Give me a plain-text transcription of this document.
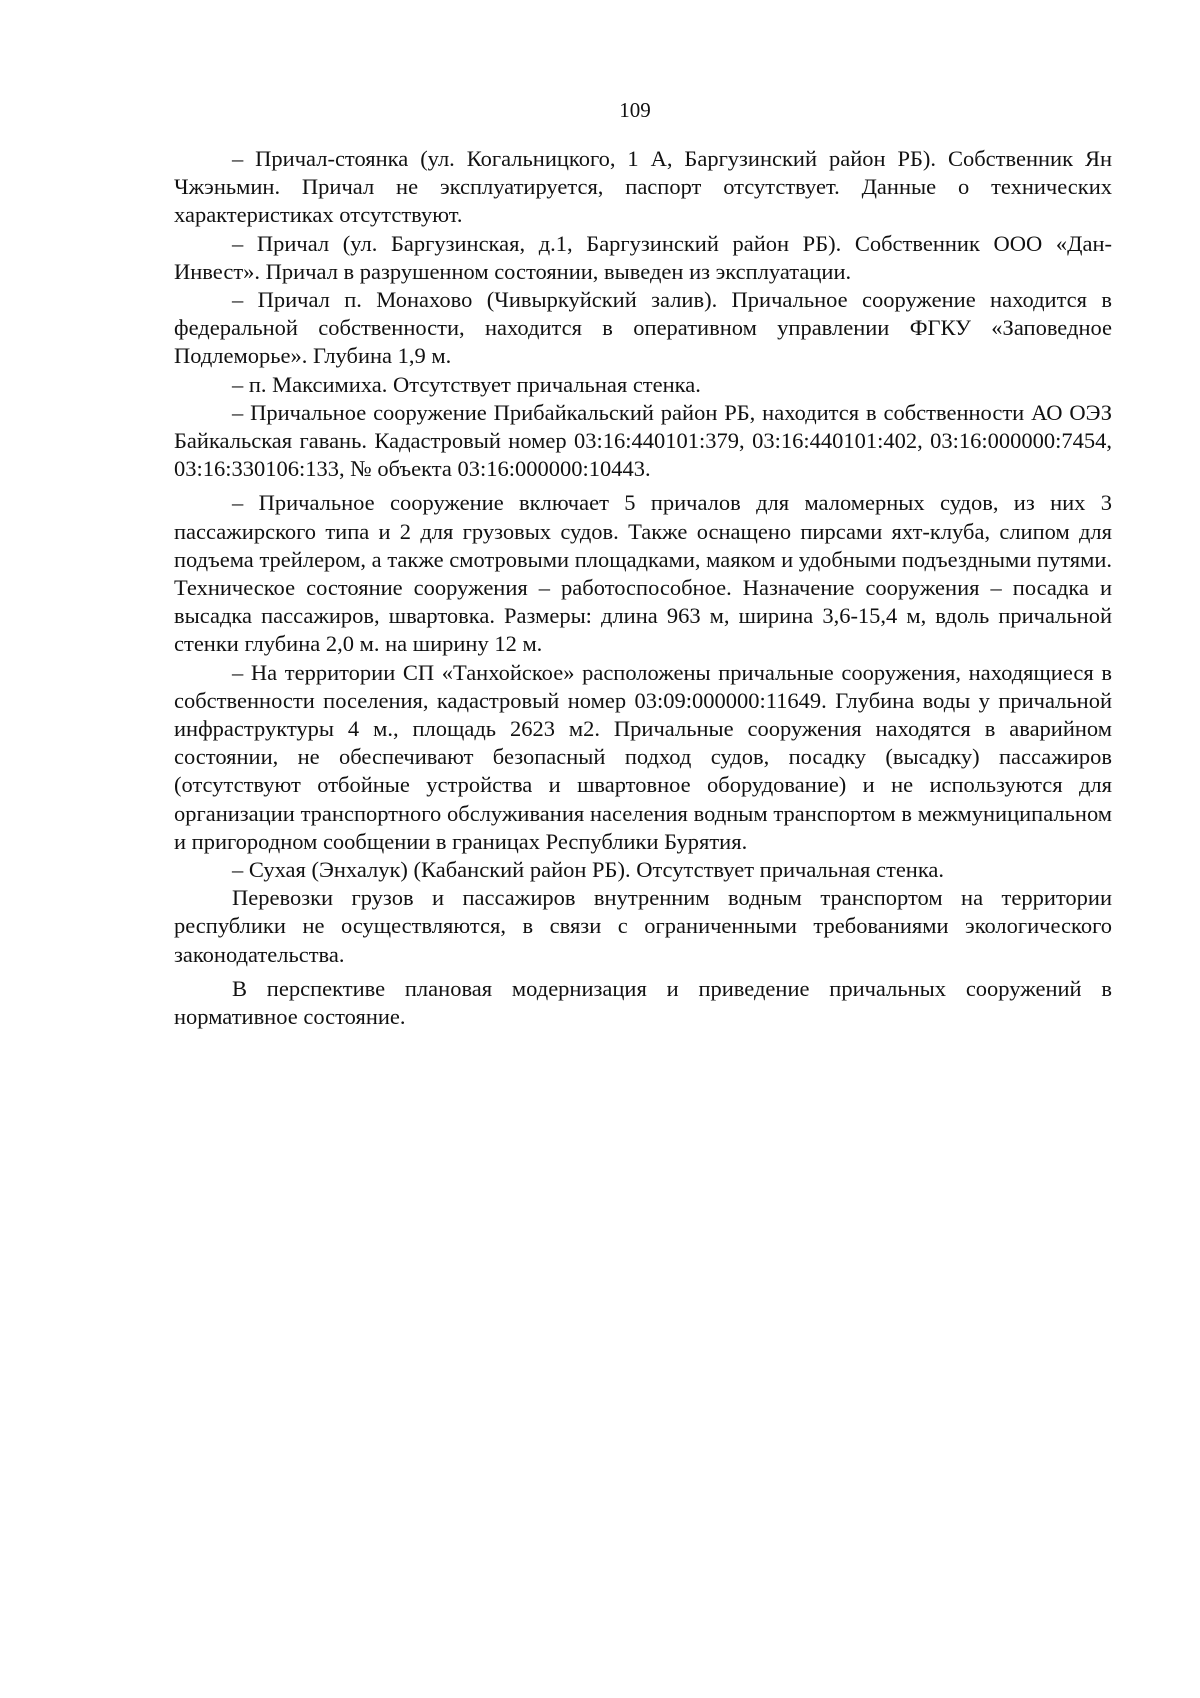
109

– Причал-стоянка (ул. Когальницкого, 1 А, Баргузинский район РБ). Собственник Ян Чжэньмин. Причал не эксплуатируется, паспорт отсутствует. Данные о технических характеристиках отсутствуют.

– Причал (ул. Баргузинская, д.1, Баргузинский район РБ). Собственник ООО «Дан-Инвест». Причал в разрушенном состоянии, выведен из эксплуатации.

– Причал п. Монахово (Чивыркуйский залив). Причальное сооружение находится в федеральной собственности, находится в оперативном управлении ФГКУ «Заповедное Подлеморье». Глубина 1,9 м.

– п. Максимиха. Отсутствует причальная стенка.

– Причальное сооружение Прибайкальский район РБ, находится в собственности АО ОЭЗ Байкальская гавань. Кадастровый номер 03:16:440101:379, 03:16:440101:402, 03:16:000000:7454, 03:16:330106:133, № объекта 03:16:000000:10443.

– Причальное сооружение включает 5 причалов для маломерных судов, из них 3 пассажирского типа и 2 для грузовых судов. Также оснащено пирсами яхт-клуба, слипом для подъема трейлером, а также смотровыми площадками, маяком и удобными подъездными путями. Техническое состояние сооружения – работоспособное. Назначение сооружения – посадка и высадка пассажиров, швартовка. Размеры: длина 963 м, ширина 3,6-15,4 м, вдоль причальной стенки глубина 2,0 м. на ширину 12 м.

– На территории СП «Танхойское» расположены причальные сооружения, находящиеся в собственности поселения, кадастровый номер 03:09:000000:11649. Глубина воды у причальной инфраструктуры 4 м., площадь 2623 м2. Причальные сооружения находятся в аварийном состоянии, не обеспечивают безопасный подход судов, посадку (высадку) пассажиров (отсутствуют отбойные устройства и швартовное оборудование) и не используются для организации транспортного обслуживания населения водным транспортом в межмуниципальном и пригородном сообщении в границах Республики Бурятия.

– Сухая (Энхалук) (Кабанский район РБ). Отсутствует причальная стенка.

Перевозки грузов и пассажиров внутренним водным транспортом на территории республики не осуществляются, в связи с ограниченными требованиями экологического законодательства.

В перспективе плановая модернизация и приведение причальных сооружений в нормативное состояние.
